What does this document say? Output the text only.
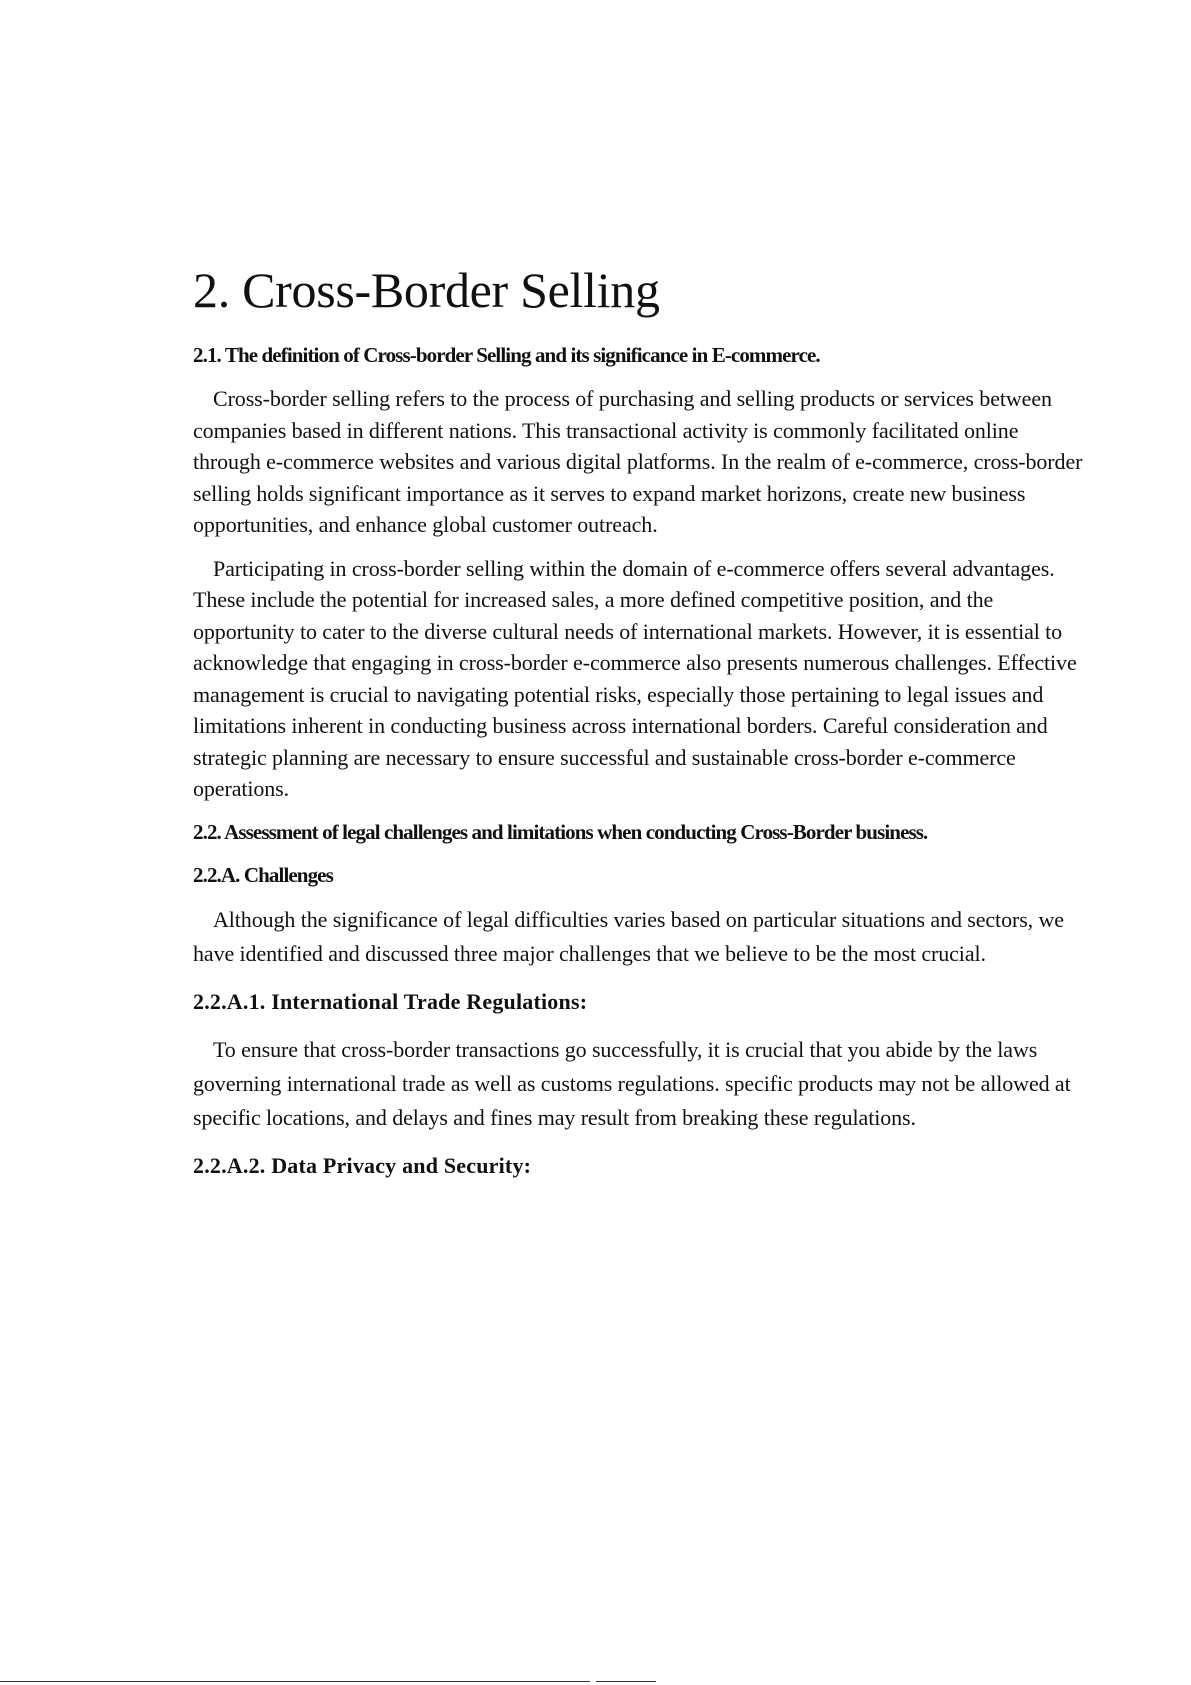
2. Cross-Border Selling
2.1. The definition of Cross-border Selling and its significance in E-commerce.

Cross-border selling refers to the process of purchasing and selling products or services between companies based in different nations. This transactional activity is commonly facilitated online through e-commerce websites and various digital platforms. In the realm of e-commerce, cross-border selling holds significant importance as it serves to expand market horizons, create new business opportunities, and enhance global customer outreach.

Participating in cross-border selling within the domain of e-commerce offers several advantages. These include the potential for increased sales, a more defined competitive position, and the opportunity to cater to the diverse cultural needs of international markets. However, it is essential to acknowledge that engaging in cross-border e-commerce also presents numerous challenges. Effective management is crucial to navigating potential risks, especially those pertaining to legal issues and limitations inherent in conducting business across international borders. Careful consideration and strategic planning are necessary to ensure successful and sustainable cross-border e-commerce operations.

2.2. Assessment of legal challenges and limitations when conducting Cross-Border business.
2.2.A. Challenges

Although the significance of legal difficulties varies based on particular situations and sectors, we have identified and discussed three major challenges that we believe to be the most crucial.

2.2.A.1. International Trade Regulations:

To ensure that cross-border transactions go successfully, it is crucial that you abide by the laws governing international trade as well as customs regulations. specific products may not be allowed at specific locations, and delays and fines may result from breaking these regulations.

2.2.A.2. Data Privacy and Security:
